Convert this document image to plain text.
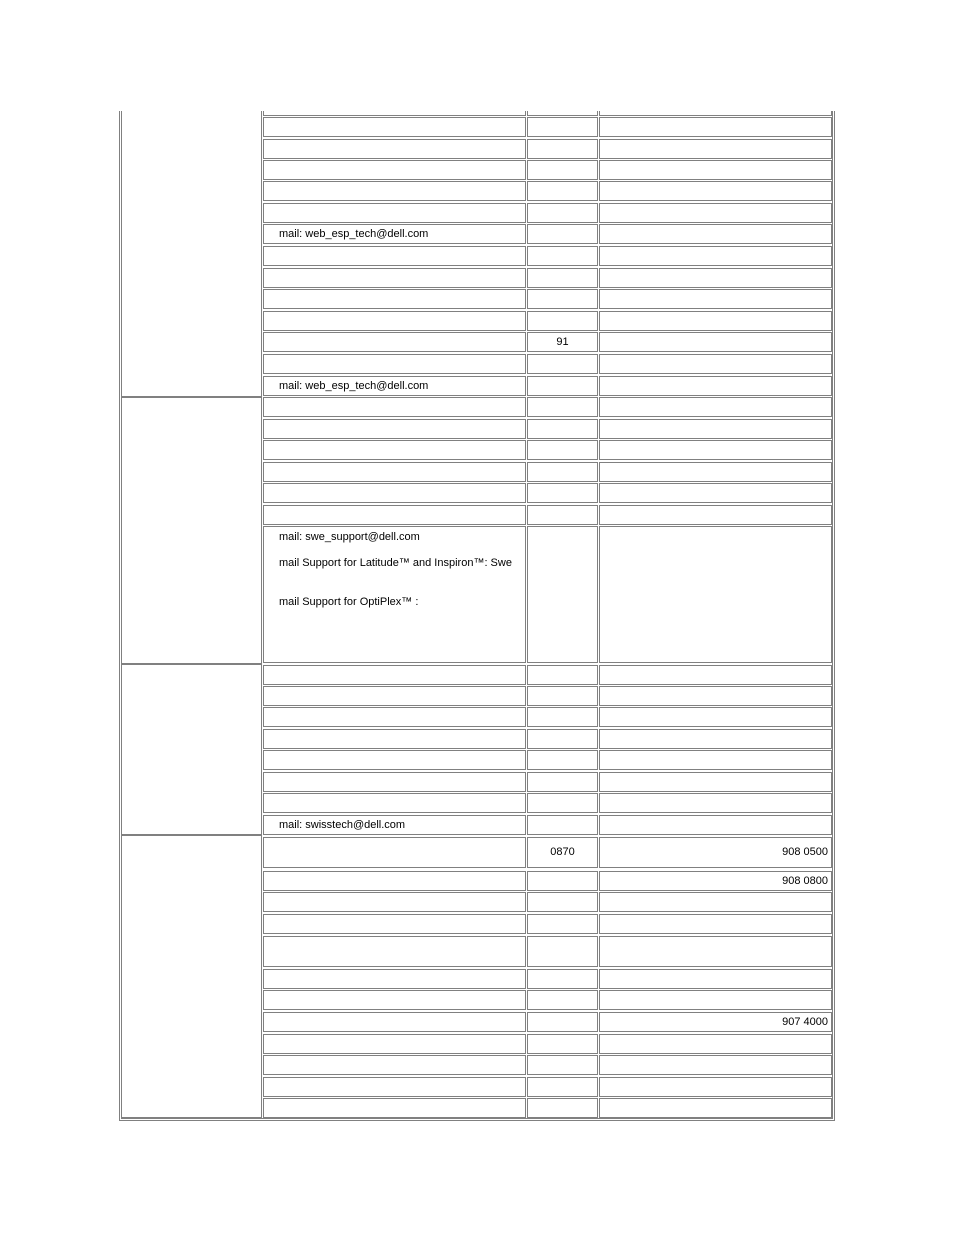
mail: web_esp_tech@dell.com
91
mail: web_esp_tech@dell.com
mail: swe_support@dell.com
mail Support for Latitude™ and Inspiron™: Swe
mail Support for OptiPlex™ :
mail: swisstech@dell.com
0870	908 0500
908 0800
907 4000
